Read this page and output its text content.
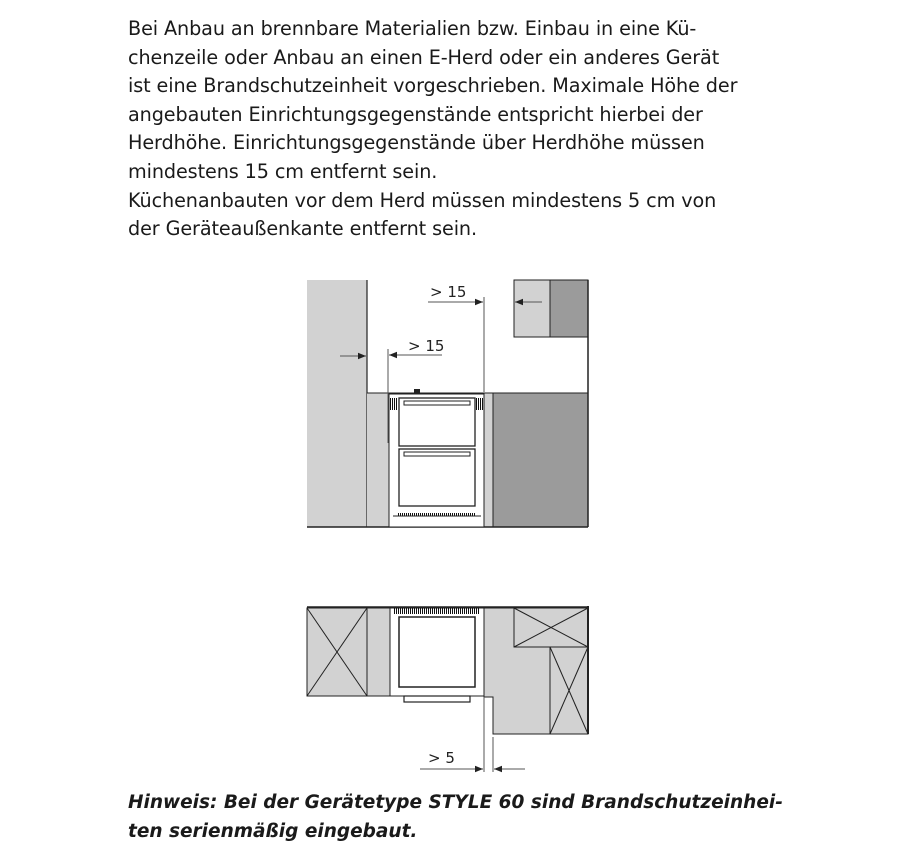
Bei Anbau an brennbare Materialien bzw. Einbau in eine Kü-
chenzeile oder Anbau an einen E-Herd oder ein anderes Gerät
ist eine Brandschutzeinheit vorgeschrieben. Maximale Höhe der
angebauten Einrichtungsgegenstände entspricht hierbei der
Herdhöhe. Einrichtungsgegenstände über Herdhöhe müssen
mindestens 15 cm entfernt sein.
Küchenanbauten vor dem Herd müssen mindestens 5 cm von
der Geräteaußenkante entfernt sein.
> 15
> 15
> 5
Hinweis: Bei der Gerätetype STYLE 60 sind Brandschutzeinhei-
ten serienmäßig eingebaut.
